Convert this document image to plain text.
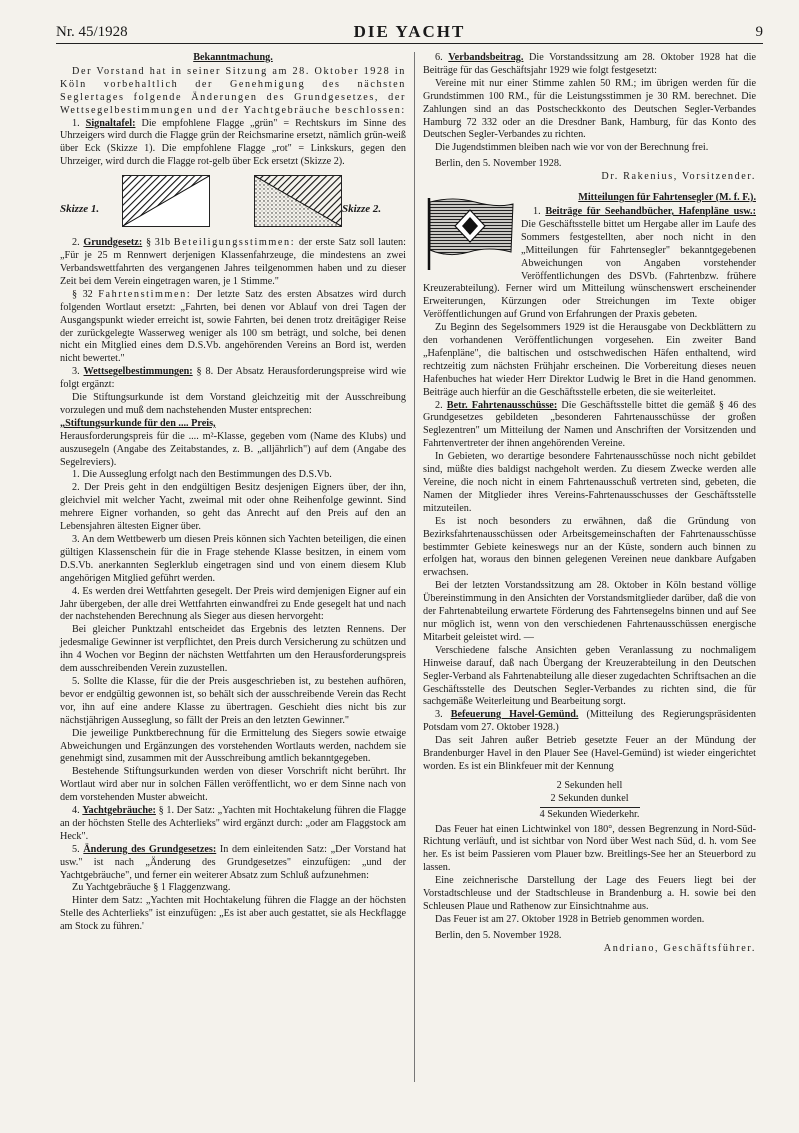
Nr. 45/1928	DIE YACHT	9
Bekanntmachung.

Der Vorstand hat in seiner Sitzung am 28. Oktober 1928 in Köln vorbehaltlich der Genehmigung des nächsten Seglertages folgende Änderungen des Grundgesetzes, der Wettsegelbestimmungen und der Yachtgebräuche beschlossen:

1. Signaltafel: Die empfohlene Flagge „grün" = Rechtskurs im Sinne des Uhrzeigers wird durch die Flagge grün der Reichsmarine ersetzt, nämlich grün-weiß über Eck (Skizze 1). Die empfohlene Flagge „rot" = Linkskurs, gegen den Uhrzeiger, wird durch die Flagge rot-gelb über Eck ersetzt (Skizze 2).

Skizze 1.	Skizze 2.

2. Grundgesetz: § 31b Beteiligungsstimmen: der erste Satz soll lauten: „Für je 25 m Rennwert derjenigen Klassenfahrzeuge, die mindestens an zwei Verbandswettfahrten des vergangenen Jahres teilgenommen haben und zu dieser Zeit bei dem Verein eingetragen waren, je 1 Stimme."

§ 32 Fahrtenstimmen: Der letzte Satz des ersten Absatzes wird durch folgenden Wortlaut ersetzt: „Fahrten, bei denen vor Ablauf von drei Tagen der Ausgangspunkt wieder erreicht ist, sowie Fahrten, bei denen trotz dreitägiger Reise der zurückgelegte Wasserweg weniger als 100 sm beträgt, und solche, bei denen nicht ein Mitglied eines dem D.S.Vb. angehörenden Vereins an Bord ist, werden nicht bewertet."

3. Wettsegelbestimmungen: § 8. Der Absatz Herausforderungspreise wird wie folgt ergänzt:

Die Stiftungsurkunde ist dem Vorstand gleichzeitig mit der Ausschreibung vorzulegen und muß dem nachstehenden Muster entsprechen:

„Stiftungsurkunde für den .... Preis,

Herausforderungspreis für die .... m²-Klasse, gegeben vom (Name des Klubs) und auszusegeln (Angabe des Zeitabstandes, z. B. „alljährlich") auf dem (Angabe des Segelreviers).

1. Die Ausseglung erfolgt nach den Bestimmungen des D.S.Vb.

2. Der Preis geht in den endgültigen Besitz desjenigen Eigners über, der ihn, gleichviel mit welcher Yacht, zweimal mit oder ohne Reihenfolge gewinnt. Sind mehrere Eigner vorhanden, so geht das Anrecht auf den Preis auf den an Lebensjahren ältesten Eigner über.

3. An dem Wettbewerb um diesen Preis können sich Yachten beteiligen, die einen gültigen Klassenschein für die in Frage stehende Klasse besitzen, in einem vom D.S.Vb. anerkannten Seglerklub eingetragen sind und von einem diesem Klub angehörigen Mitglied geführt werden.

4. Es werden drei Wettfahrten gesegelt. Der Preis wird demjenigen Eigner auf ein Jahr übergeben, der alle drei Wettfahrten einwandfrei zu Ende gesegelt hat und nach der nachstehenden Berechnung als Sieger aus diesen hervorgeht:

Bei gleicher Punktzahl entscheidet das Ergebnis des letzten Rennens. Der jedesmalige Gewinner ist verpflichtet, den Preis durch Versicherung zu schützen und ihn 4 Wochen vor Beginn der nächsten Wettfahrten um den Herausforderungspreis dem ausschreibenden Verein zuzustellen.

5. Sollte die Klasse, für die der Preis ausgeschrieben ist, zu bestehen aufhören, bevor er endgültig gewonnen ist, so behält sich der ausschreibende Verein das Recht vor, ihn auf eine andere Klasse zu übertragen. Geschieht dies nicht bis zur nächstjährigen Ausseglung, so fällt der Preis an den letzten Gewinner."

Die jeweilige Punktberechnung für die Ermittelung des Siegers sowie etwaige Abweichungen und Ergänzungen des vorstehenden Wortlauts werden, nachdem sie genehmigt sind, zusammen mit der Ausschreibung amtlich bekanntgegeben.

Bestehende Stiftungsurkunden werden von dieser Vorschrift nicht berührt. Ihr Wortlaut wird aber nur in solchen Fällen veröffentlicht, wo er dem Sinne nach von dem vorstehenden Muster abweicht.

4. Yachtgebräuche: § 1. Der Satz: „Yachten mit Hochtakelung führen die Flagge an der höchsten Stelle des Achterlieks" wird ergänzt durch: „oder am Flaggstock am Heck".

5. Änderung des Grundgesetzes: In dem einleitenden Satz: „Der Vorstand hat usw." ist nach „Änderung des Grundgesetzes" einzufügen: „und der Yachtgebräuche", und ferner ein weiterer Absatz zum Schluß aufzunehmen:

Zu Yachtgebräuche § 1 Flaggenzwang.

Hinter dem Satz: „Yachten mit Hochtakelung führen die Flagge an der höchsten Stelle des Achterlieks" ist einzufügen: „Es ist aber auch gestattet, sie als Heckflagge am Stock zu führen.'

6. Verbandsbeitrag. Die Vorstandssitzung am 28. Oktober 1928 hat die Beiträge für das Geschäftsjahr 1929 wie folgt festgesetzt:

Vereine mit nur einer Stimme zahlen 50 RM.; im übrigen werden für die Grundstimmen 100 RM., für die Leistungsstimmen je 30 RM. berechnet. Die Zahlungen sind an das Postscheckkonto des Deutschen Segler-Verbandes Hamburg 72 332 oder an die Dresdner Bank, Hamburg, für das Konto des Deutschen Segler-Verbandes zu richten.

Die Jugendstimmen bleiben nach wie vor von der Berechnung frei.

Berlin, den 5. November 1928.

Dr. Rakenius, Vorsitzender.

Mitteilungen für Fahrtensegler (M. f. F.).

1. Beiträge für Seehandbücher, Hafenpläne usw.: Die Geschäftsstelle bittet um Hergabe aller im Laufe des Sommers festgestellten, aber noch nicht in den „Mitteilungen für Fahrtensegler" bekanntgegebenen Abweichungen von Angaben vorstehender Veröffentlichungen des DSVb. (Fahrtenbzw. frühere Kreuzerabteilung). Ferner wird um Mitteilung wünschenswert erscheinender Erweiterungen, Kürzungen oder Streichungen im Texte obiger Veröffentlichungen auf Grund von Erfahrungen der Praxis gebeten.

Zu Beginn des Segelsommers 1929 ist die Herausgabe von Deckblättern zu den vorhandenen Veröffentlichungen vorgesehen. Ein zweiter Band „Hafenpläne", die baltischen und ostschwedischen Häfen enthaltend, wird rechtzeitig zum nächsten Frühjahr erscheinen. Die Vorbereitung dieses neuen Hafenbuches hat wieder Herr Direktor Ludwig le Bret in die Hand genommen. Beiträge auch hierfür an die Geschäftsstelle erbeten, die sie weiterleitet.

2. Betr. Fahrtenausschüsse: Die Geschäftsstelle bittet die gemäß § 46 des Grundgesetzes gebildeten „besonderen Fahrtenausschüsse der großen Seglezentren" um Mitteilung der Namen und Anschriften der Vorsitzenden und Fahrtenvertreter der ihnen angehörenden Vereine.

In Gebieten, wo derartige besondere Fahrtenausschüsse noch nicht gebildet sind, müßte dies baldigst nachgeholt werden. Zu diesem Zwecke werden alle Vereine, die noch nicht in einem Fahrtenausschuß vertreten sind, gebeten, die Namen der Mitglieder ihres Vereins-Fahrtenausschusses der Geschäftsstelle mitzuteilen.

Es ist noch besonders zu erwähnen, daß die Gründung von Bezirksfahrtenausschüssen oder Arbeitsgemeinschaften der Fahrtenausschüsse bestimmter Gebiete keineswegs nur an der Küste, sondern auch binnen zu erfolgen hat, woraus den binnen gelegenen Vereinen neue dankbare Aufgaben erwachsen.

Bei der letzten Vorstandssitzung am 28. Oktober in Köln bestand völlige Übereinstimmung in den Ansichten der Vorstandsmitglieder darüber, daß die von der Fahrtenabteilung erwartete Förderung des Fahrtensegelns binnen und auf See nur möglich ist, wenn von den verschiedenen Fahrtenausschüssen energische Mitarbeit geleistet wird. —

Verschiedene falsche Ansichten geben Veranlassung zu nochmaligem Hinweise darauf, daß nach Übergang der Kreuzerabteilung in den Deutschen Segler-Verband als Fahrtenabteilung alle dieser zugedachten Schriftsachen an die Geschäftsstelle des Deutschen Segler-Verbandes zu richten sind, die für sachgemäße Weiterleitung und Bearbeitung sorgt.

3. Befeuerung Havel-Gemünd. (Mitteilung des Regierungspräsidenten Potsdam vom 27. Oktober 1928.)

Das seit Jahren außer Betrieb gesetzte Feuer an der Mündung der Brandenburger Havel in den Plauer See (Havel-Gemünd) ist wieder eingerichtet worden. Es ist ein Blinkfeuer mit der Kennung

2 Sekunden hell
2 Sekunden dunkel
4 Sekunden Wiederkehr.

Das Feuer hat einen Lichtwinkel von 180°, dessen Begrenzung in Nord-Süd-Richtung verläuft, und ist sichtbar von Nord über West nach Süd, d. h. vom See her. Es ist beim Passieren vom Plauer bzw. Breitlings-See her an Steuerbord zu lassen.

Eine zeichnerische Darstellung der Lage des Feuers liegt bei der Vorstadtschleuse und der Stadtschleuse in Brandenburg a. H. sowie bei den Schleusen Plaue und Rathenow zur Einsichtnahme aus.

Das Feuer ist am 27. Oktober 1928 in Betrieb genommen worden.

Berlin, den 5. November 1928.

Andriano, Geschäftsführer.
